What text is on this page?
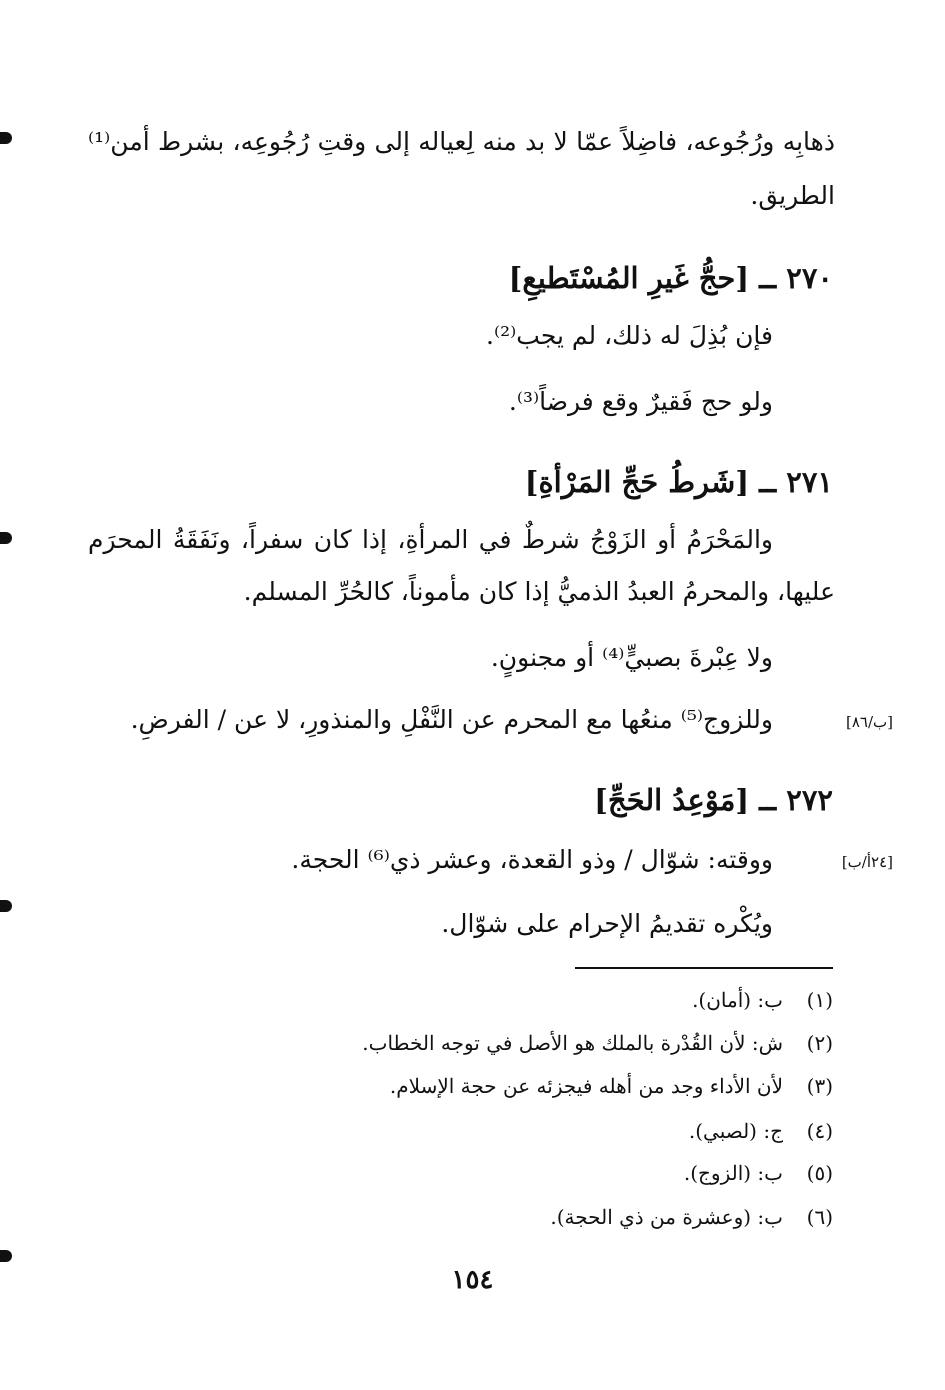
ذهابِه ورُجُوعه، فاضِلاً عمّا لا بد منه لِعياله إلى وقتِ رُجُوعِه، بشرط أمن⁽¹⁾
الطريق.
٢٧٠ ــ [حجُّ غَيرِ المُسْتَطيعِ]
فإن بُذِلَ له ذلك، لم يجب⁽²⁾.
ولو حج فَقيرٌ وقع فرضاً⁽³⁾.
٢٧١ ــ [شَرطُ حَجِّ المَرْأةِ]
والمَحْرَمُ أو الزَوْجُ شرطٌ في المرأةِ، إذا كان سفراً، ونَفَقَةُ المحرَم
عليها، والمحرمُ العبدُ الذميُّ إذا كان مأموناً، كالحُرِّ المسلم.
ولا عِبْرةَ بصبيٍّ⁽⁴⁾ أو مجنونٍ.
وللزوج⁽⁵⁾ منعُها مع المحرم عن النَّفْلِ والمنذورِ، لا عن / الفرضِ.	[ب/٨٦]
٢٧٢ ــ [مَوْعِدُ الحَجِّ]
ووقته: شوّال / وذو القعدة، وعشر ذي⁽⁶⁾ الحجة.	[٢٤أ/ب]
ويُكْره تقديمُ الإحرام على شوّال.
(١)
ب: (أمان).
(٢)
ش: لأن القُدْرة بالملك هو الأصل في توجه الخطاب.
(٣)
لأن الأداء وجد من أهله فيجزئه عن حجة الإسلام.
(٤)
ج: (لصبي).
(٥)
ب: (الزوج).
(٦)
ب: (وعشرة من ذي الحجة).
١٥٤
